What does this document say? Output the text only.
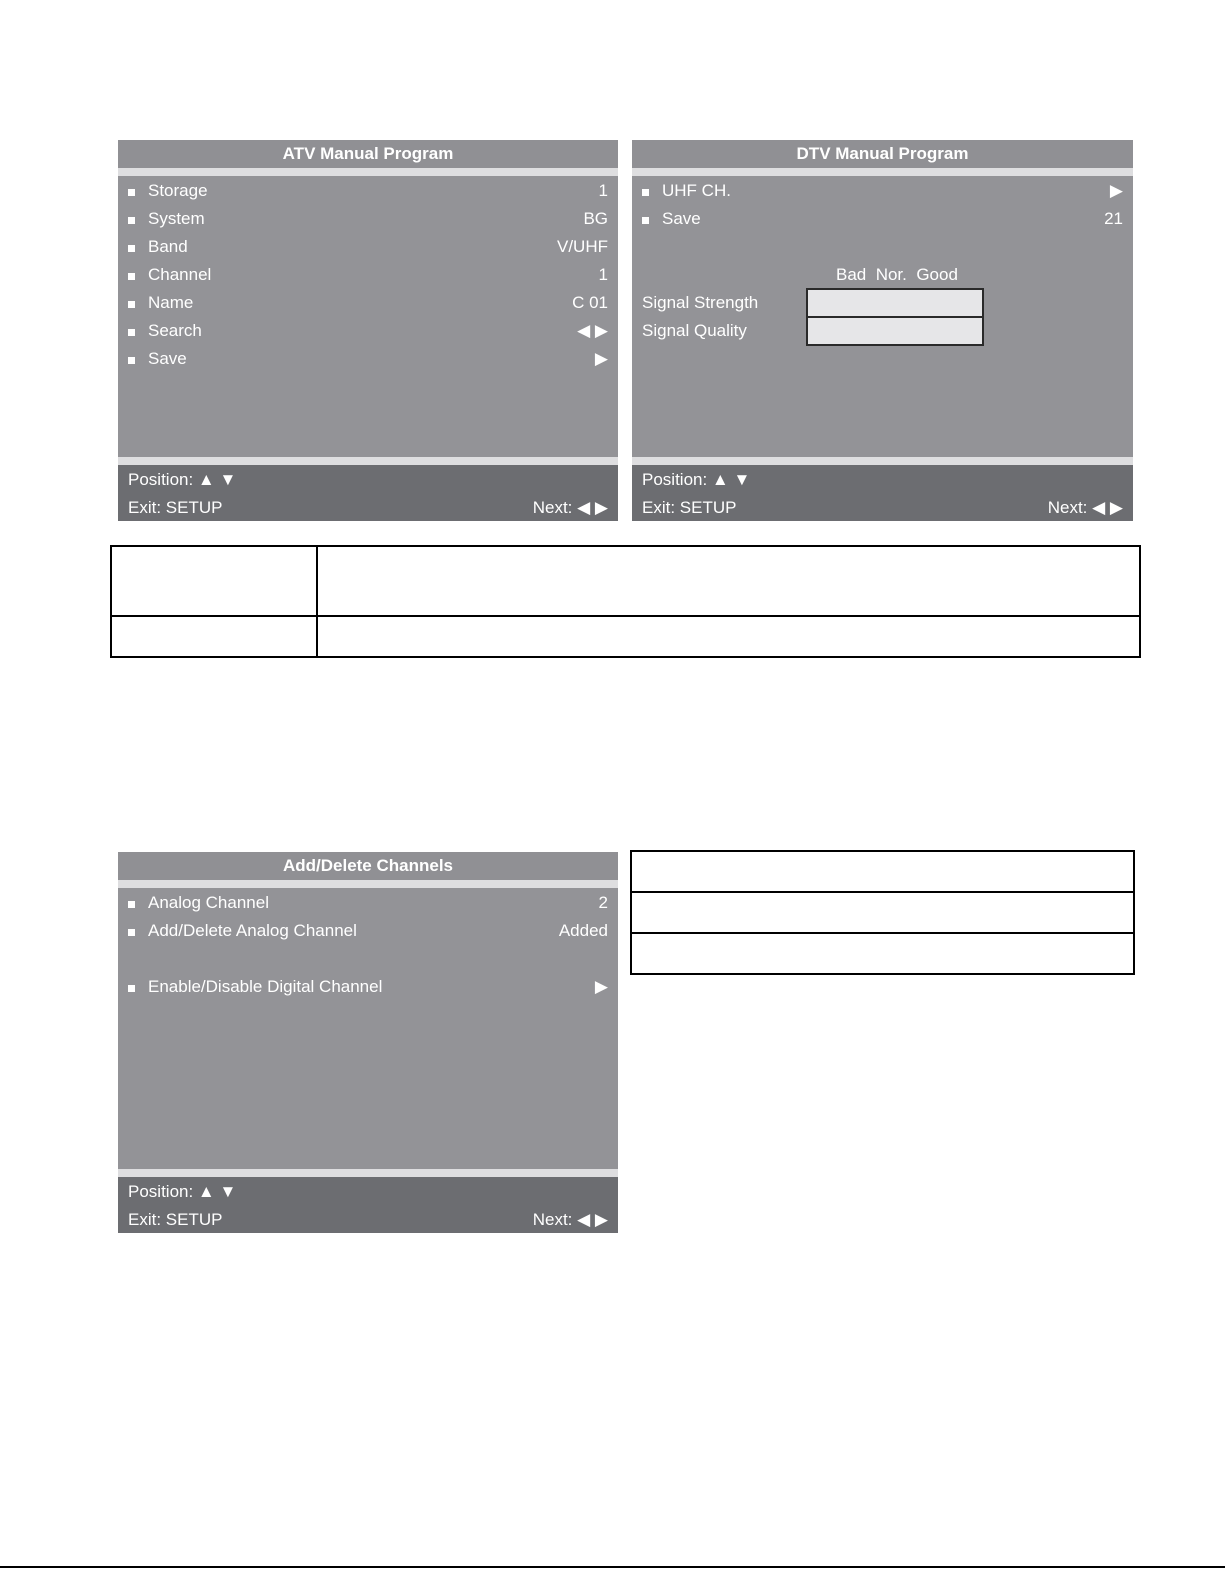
ATV Manual Program
Storage	1
System	BG
Band	V/UHF
Channel	1
Name	C 01
Search	◀ ▶
Save	▶
Position: ▲ ▼
Exit: SETUP	Next: ◀ ▶
DTV Manual Program
UHF CH.	▶
Save	21
Bad  Nor.  Good
Signal Strength
Signal Quality
Position: ▲ ▼
Exit: SETUP	Next: ◀ ▶

Add/Delete Channels
Analog Channel	2
Add/Delete Analog Channel	Added
Enable/Disable Digital Channel	▶
Position: ▲ ▼
Exit: SETUP	Next: ◀ ▶
